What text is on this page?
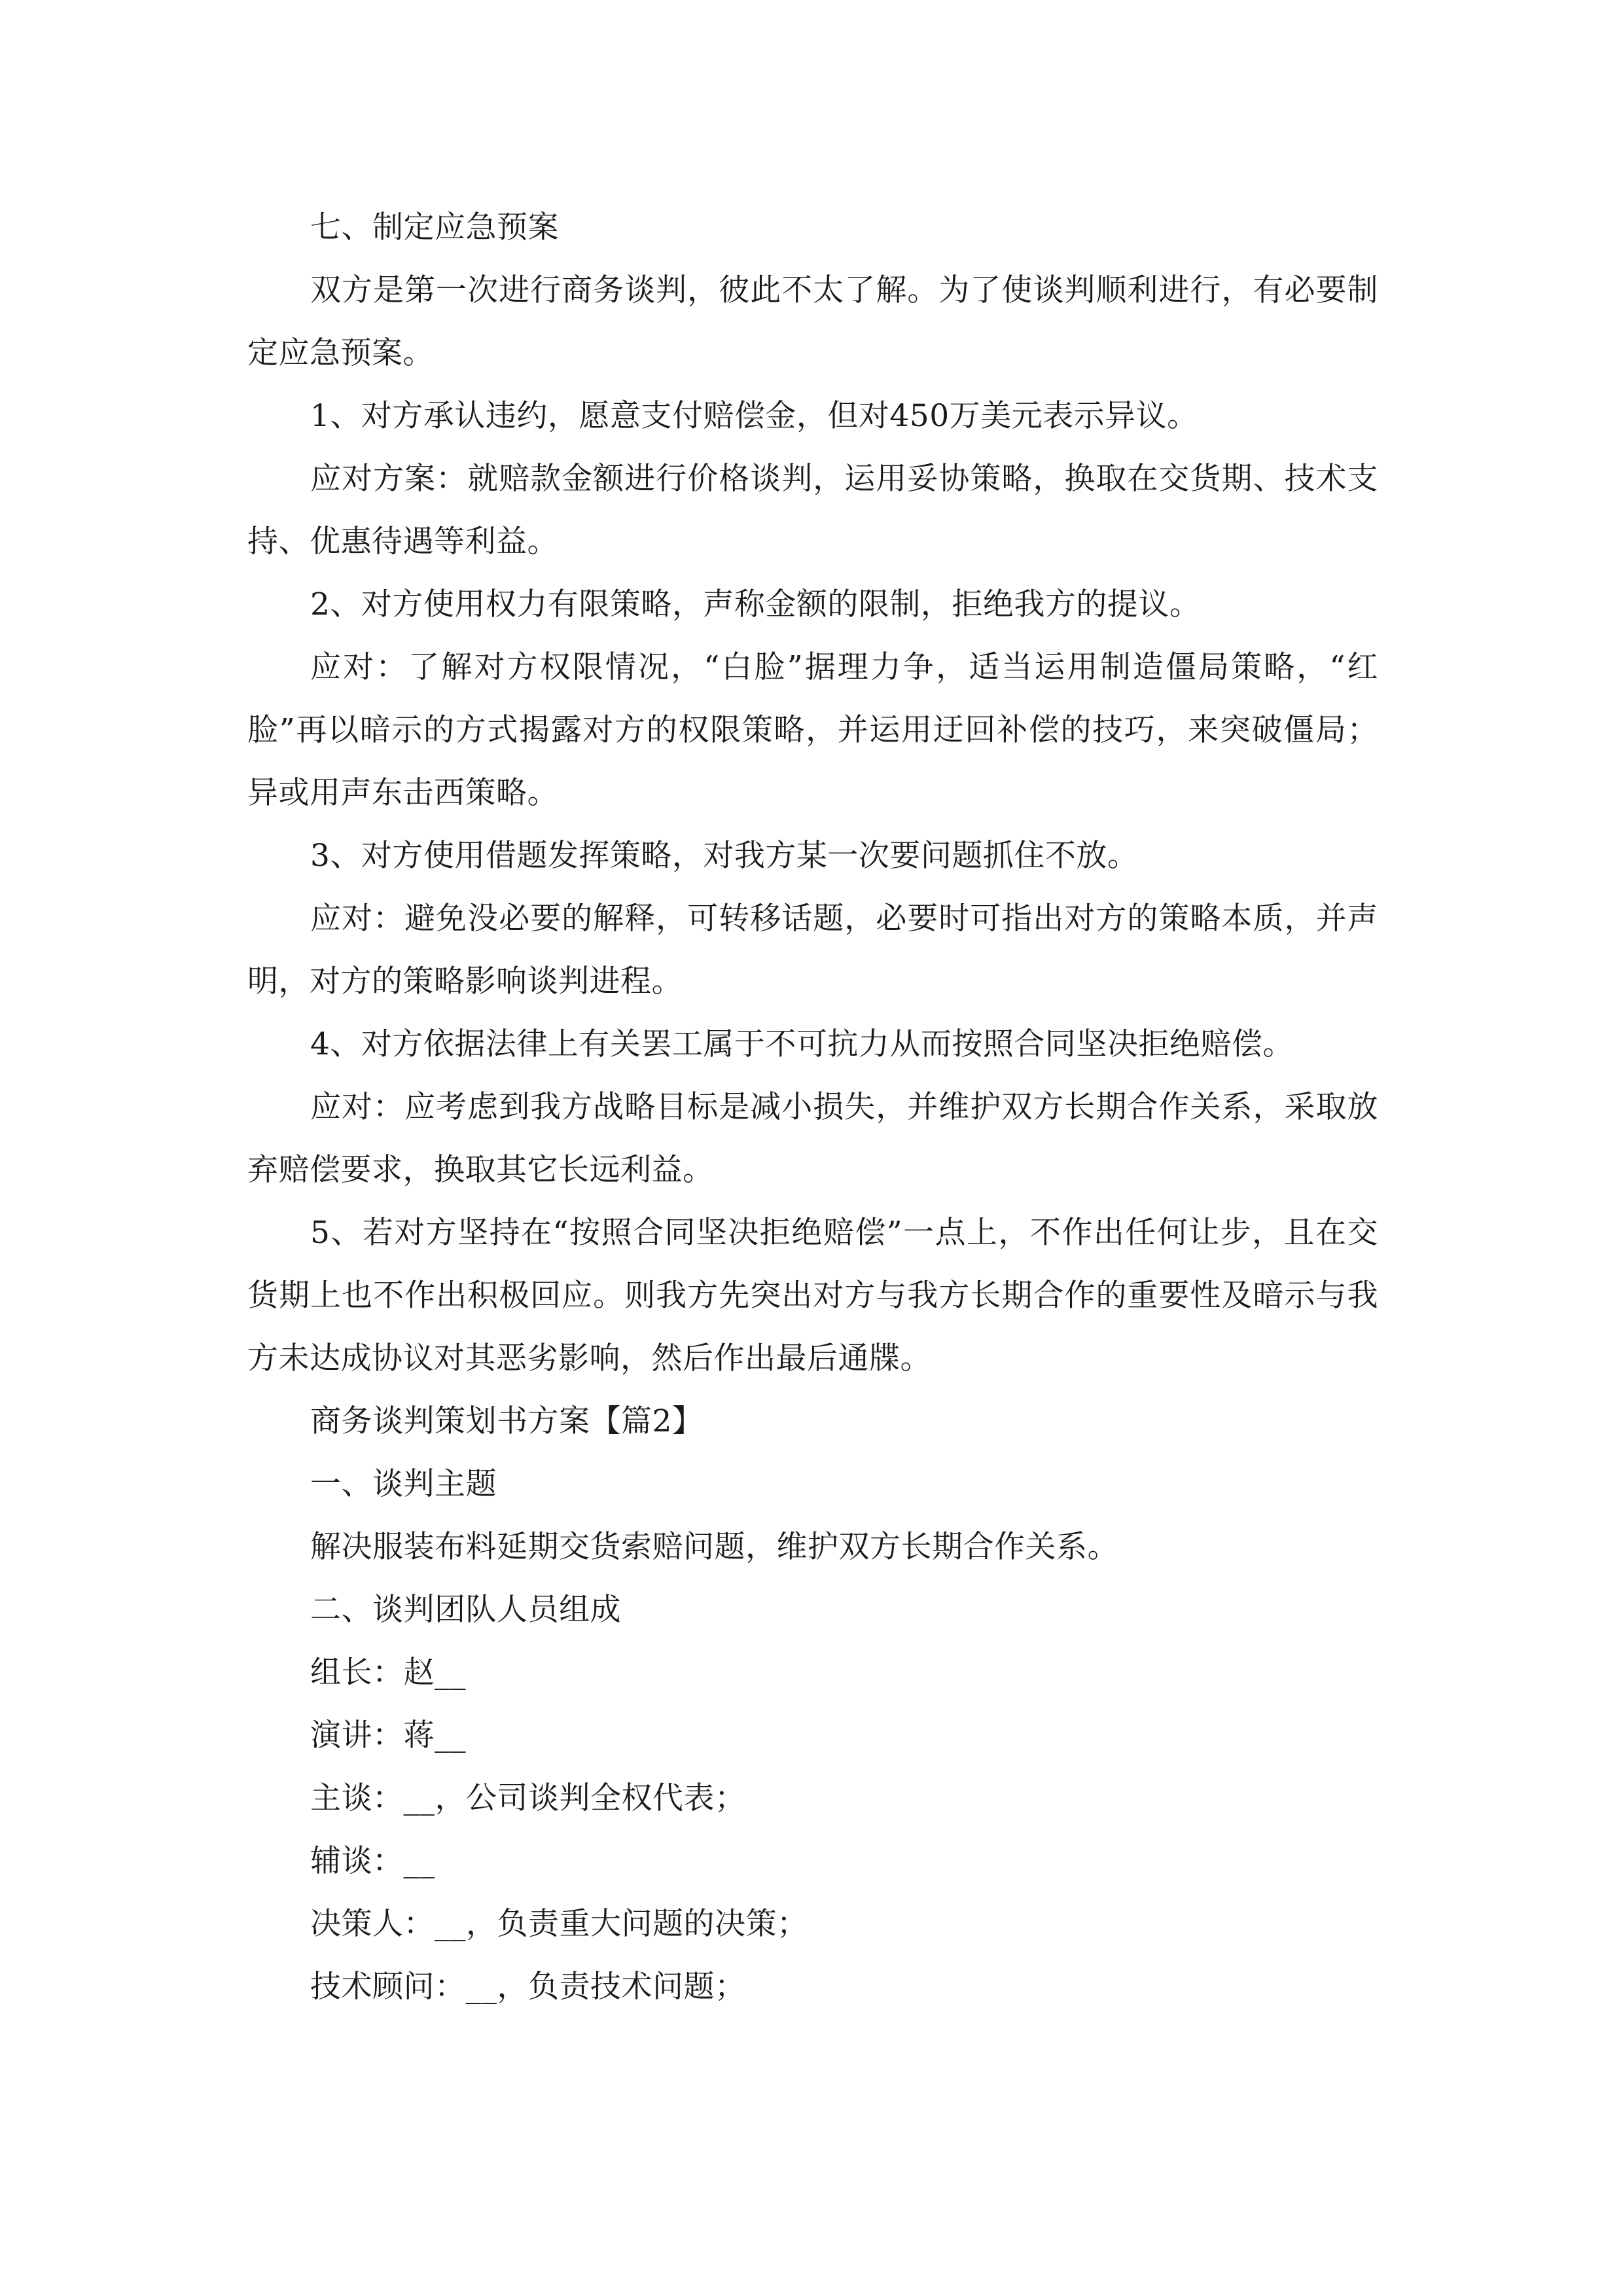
七、制定应急预案

双方是第一次进行商务谈判，彼此不太了解。为了使谈判顺利进行，有必要制定应急预案。

1、对方承认违约，愿意支付赔偿金，但对450万美元表示异议。

应对方案：就赔款金额进行价格谈判，运用妥协策略，换取在交货期、技术支持、优惠待遇等利益。

2、对方使用权力有限策略，声称金额的限制，拒绝我方的提议。

应对：了解对方权限情况，“白脸”据理力争，适当运用制造僵局策略，“红脸”再以暗示的方式揭露对方的权限策略，并运用迂回补偿的技巧，来突破僵局；异或用声东击西策略。

3、对方使用借题发挥策略，对我方某一次要问题抓住不放。

应对：避免没必要的解释，可转移话题，必要时可指出对方的策略本质，并声明，对方的策略影响谈判进程。

4、对方依据法律上有关罢工属于不可抗力从而按照合同坚决拒绝赔偿。

应对：应考虑到我方战略目标是减小损失，并维护双方长期合作关系，采取放弃赔偿要求，换取其它长远利益。

5、若对方坚持在“按照合同坚决拒绝赔偿”一点上，不作出任何让步，且在交货期上也不作出积极回应。则我方先突出对方与我方长期合作的重要性及暗示与我方未达成协议对其恶劣影响，然后作出最后通牒。

商务谈判策划书方案【篇2】

一、谈判主题

解决服装布料延期交货索赔问题，维护双方长期合作关系。

二、谈判团队人员组成

组长：赵__

演讲：蒋__

主谈：__，公司谈判全权代表；

辅谈：__

决策人：__，负责重大问题的决策；

技术顾问：__，负责技术问题；
